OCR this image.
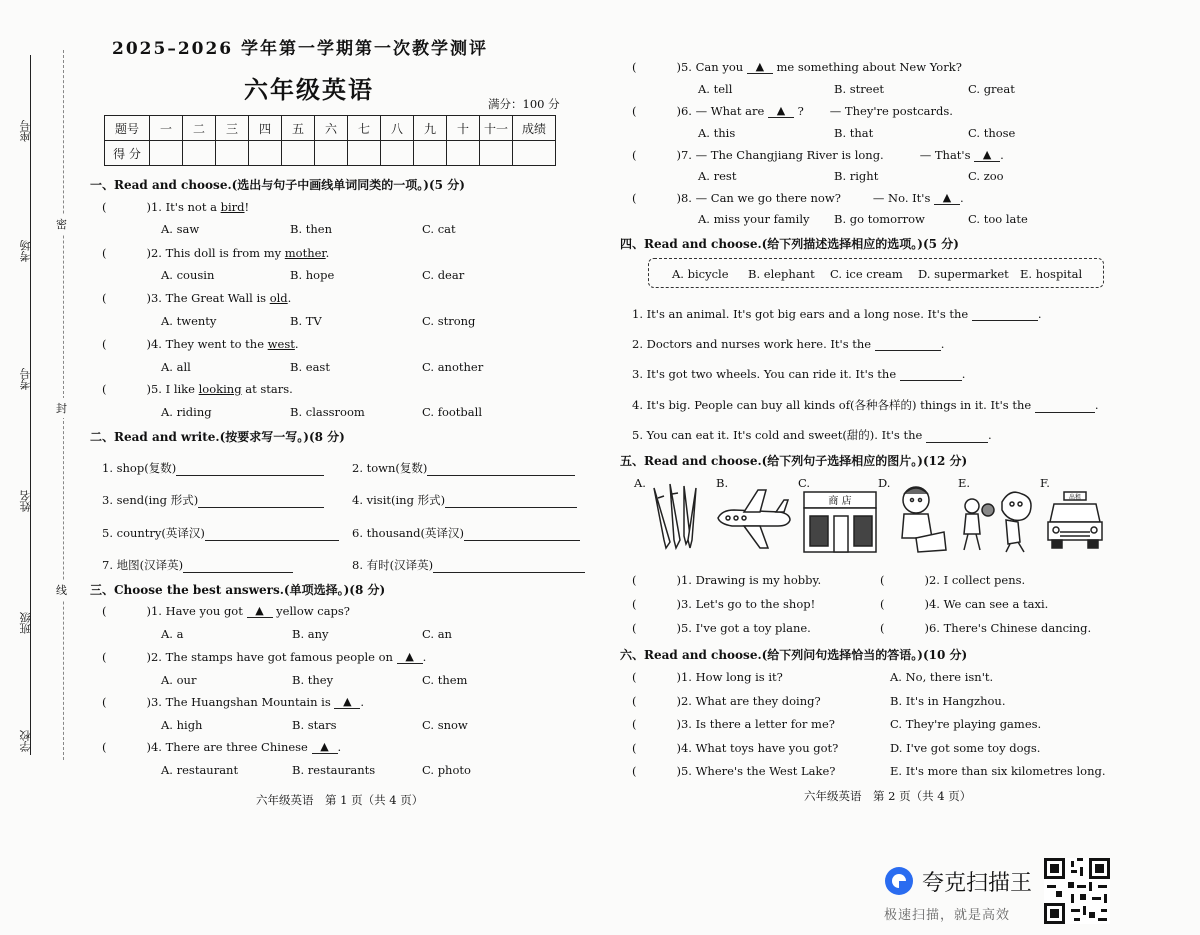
座号
考场
考号
姓名
班级
学校
密
封
线
2025–2026 学年第一学期第一次教学测评
六年级英语	满分：100 分
题号	一	二	三	四	五	六	七	八	九	十	十一	成绩
得 分												
一、Read and choose.(选出与句子中画线单词同类的一项。)(5 分)
(	)1. It's not a bird!
A. saw	B. then	C. cat
(	)2. This doll is from my mother.
A. cousin	B. hope	C. dear
(	)3. The Great Wall is old.
A. twenty	B. TV	C. strong
(	)4. They went to the west.
A. all	B. east	C. another
(	)5. I like looking at stars.
A. riding	B. classroom	C. football
二、Read and write.(按要求写一写。)(8 分)
1. shop(复数)	2. town(复数)
3. send(ing 形式)	4. visit(ing 形式)
5. country(英译汉)	6. thousand(英译汉)
7. 地图(汉译英)	8. 有时(汉译英)
三、Choose the best answers.(单项选择。)(8 分)
(	)1. Have you got ▲ yellow caps?
A. a	B. any	C. an
(	)2. The stamps have got famous people on ▲ .
A. our	B. they	C. them
(	)3. The Huangshan Mountain is ▲ .
A. high	B. stars	C. snow
(	)4. There are three Chinese ▲ .
A. restaurant	B. restaurants	C. photo
六年级英语　第 1 页（共 4 页）
(	)5. Can you ▲ me something about New York?
A. tell	B. street	C. great
(	)6. — What are ▲ ? — They're postcards.
A. this	B. that	C. those
(	)7. — The Changjiang River is long.	— That's ▲ .
A. rest	B. right	C. zoo
(	)8. — Can we go there now?	— No. It's ▲ .
A. miss your family B. go tomorrow	C. too late
四、Read and choose.(给下列描述选择相应的选项。)(5 分)
A. bicycle B. elephant C. ice cream D. supermarket E. hospital
1. It's an animal. It's got big ears and a long nose. It's the	.
2. Doctors and nurses work here. It's the	.
3. It's got two wheels. You can ride it. It's the	.
4. It's big. People can buy all kinds of(各种各样的) things in it. It's the	.
5. You can eat it. It's cold and sweet(甜的). It's the	.
五、Read and choose.(给下列句子选择相应的图片。)(12 分)
A.	B.	C.	D.	E.	F.
商 店	出租
(	)1. Drawing is my hobby.	(	)2. I collect pens.
(	)3. Let's go to the shop!	(	)4. We can see a taxi.
(	)5. I've got a toy plane.	(	)6. There's Chinese dancing.
六、Read and choose.(给下列问句选择恰当的答语。)(10 分)
(	)1. How long is it?	A. No, there isn't.
(	)2. What are they doing?	B. It's in Hangzhou.
(	)3. Is there a letter for me?	C. They're playing games.
(	)4. What toys have you got?	D. I've got some toy dogs.
(	)5. Where's the West Lake?	E. It's more than six kilometres long.
六年级英语　第 2 页（共 4 页）
夸克扫描王
极速扫描，就是高效
